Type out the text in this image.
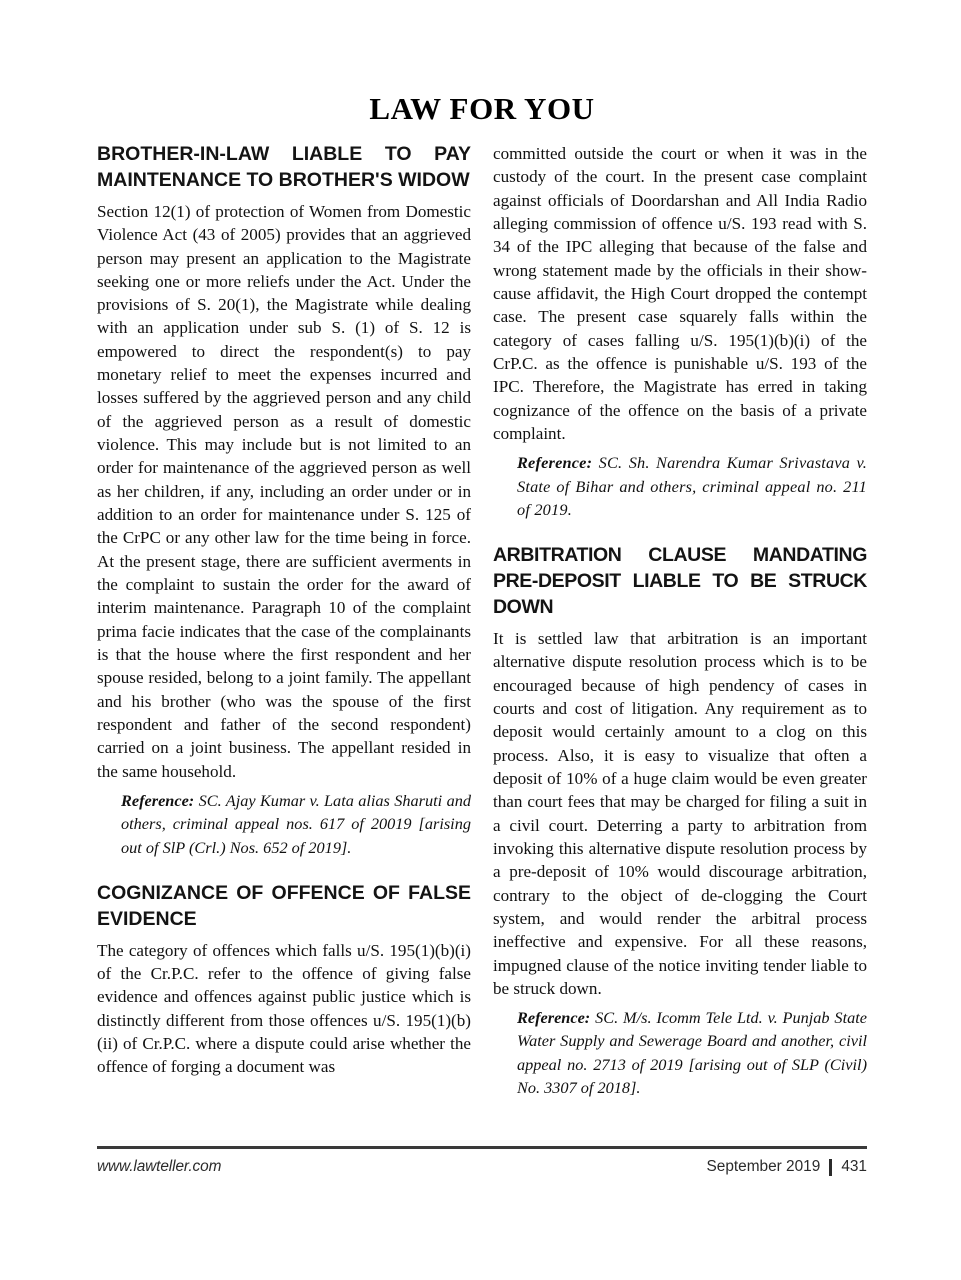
LAW FOR YOU
BROTHER-IN-LAW LIABLE TO PAY MAINTENANCE TO BROTHER'S WIDOW

Section 12(1) of protection of Women from Domestic Violence Act (43 of 2005) provides that an aggrieved person may present an application to the Magistrate seeking one or more reliefs under the Act. Under the provisions of S. 20(1), the Magistrate while dealing with an application under sub S. (1) of S. 12 is empowered to direct the respondent(s) to pay monetary relief to meet the expenses incurred and losses suffered by the aggrieved person and any child of the aggrieved person as a result of domestic violence. This may include but is not limited to an order for maintenance of the aggrieved person as well as her children, if any, including an order under or in addition to an order for maintenance under S. 125 of the CrPC or any other law for the time being in force. At the present stage, there are sufficient averments in the complaint to sustain the order for the award of interim maintenance. Paragraph 10 of the complaint prima facie indicates that the case of the complainants is that the house where the first respondent and her spouse resided, belong to a joint family. The appellant and his brother (who was the spouse of the first respondent and father of the second respondent) carried on a joint business. The appellant resided in the same household.

Reference: SC. Ajay Kumar v. Lata alias Sharuti and others, criminal appeal nos. 617 of 20019 [arising out of SlP (Crl.) Nos. 652 of 2019].

COGNIZANCE OF OFFENCE OF FALSE EVIDENCE

The category of offences which falls u/S. 195(1)(b)(i) of the Cr.P.C. refer to the offence of giving false evidence and offences against public justice which is distinctly different from those offences u/S. 195(1)(b)(ii) of Cr.P.C. where a dispute could arise whether the offence of forging a document was

committed outside the court or when it was in the custody of the court. In the present case complaint against officials of Doordarshan and All India Radio alleging commission of offence u/S. 193 read with S. 34 of the IPC alleging that because of the false and wrong statement made by the officials in their show-cause affidavit, the High Court dropped the contempt case. The present case squarely falls within the category of cases falling u/S. 195(1)(b)(i) of the CrP.C. as the offence is punishable u/S. 193 of the IPC. Therefore, the Magistrate has erred in taking cognizance of the offence on the basis of a private complaint.

Reference: SC. Sh. Narendra Kumar Srivastava v. State of Bihar and others, criminal appeal no. 211 of 2019.

ARBITRATION CLAUSE MANDATING PRE-DEPOSIT LIABLE TO BE STRUCK DOWN

It is settled law that arbitration is an important alternative dispute resolution process which is to be encouraged because of high pendency of cases in courts and cost of litigation. Any requirement as to deposit would certainly amount to a clog on this process. Also, it is easy to visualize that often a deposit of 10% of a huge claim would be even greater than court fees that may be charged for filing a suit in a civil court. Deterring a party to arbitration from invoking this alternative dispute resolution process by a pre-deposit of 10% would discourage arbitration, contrary to the object of de-clogging the Court system, and would render the arbitral process ineffective and expensive. For all these reasons, impugned clause of the notice inviting tender liable to be struck down.

Reference: SC. M/s. Icomm Tele Ltd. v. Punjab State Water Supply and Sewerage Board and another, civil appeal no. 2713 of 2019 [arising out of SLP (Civil) No. 3307 of 2018].

www.lawteller.com	September 2019 431
